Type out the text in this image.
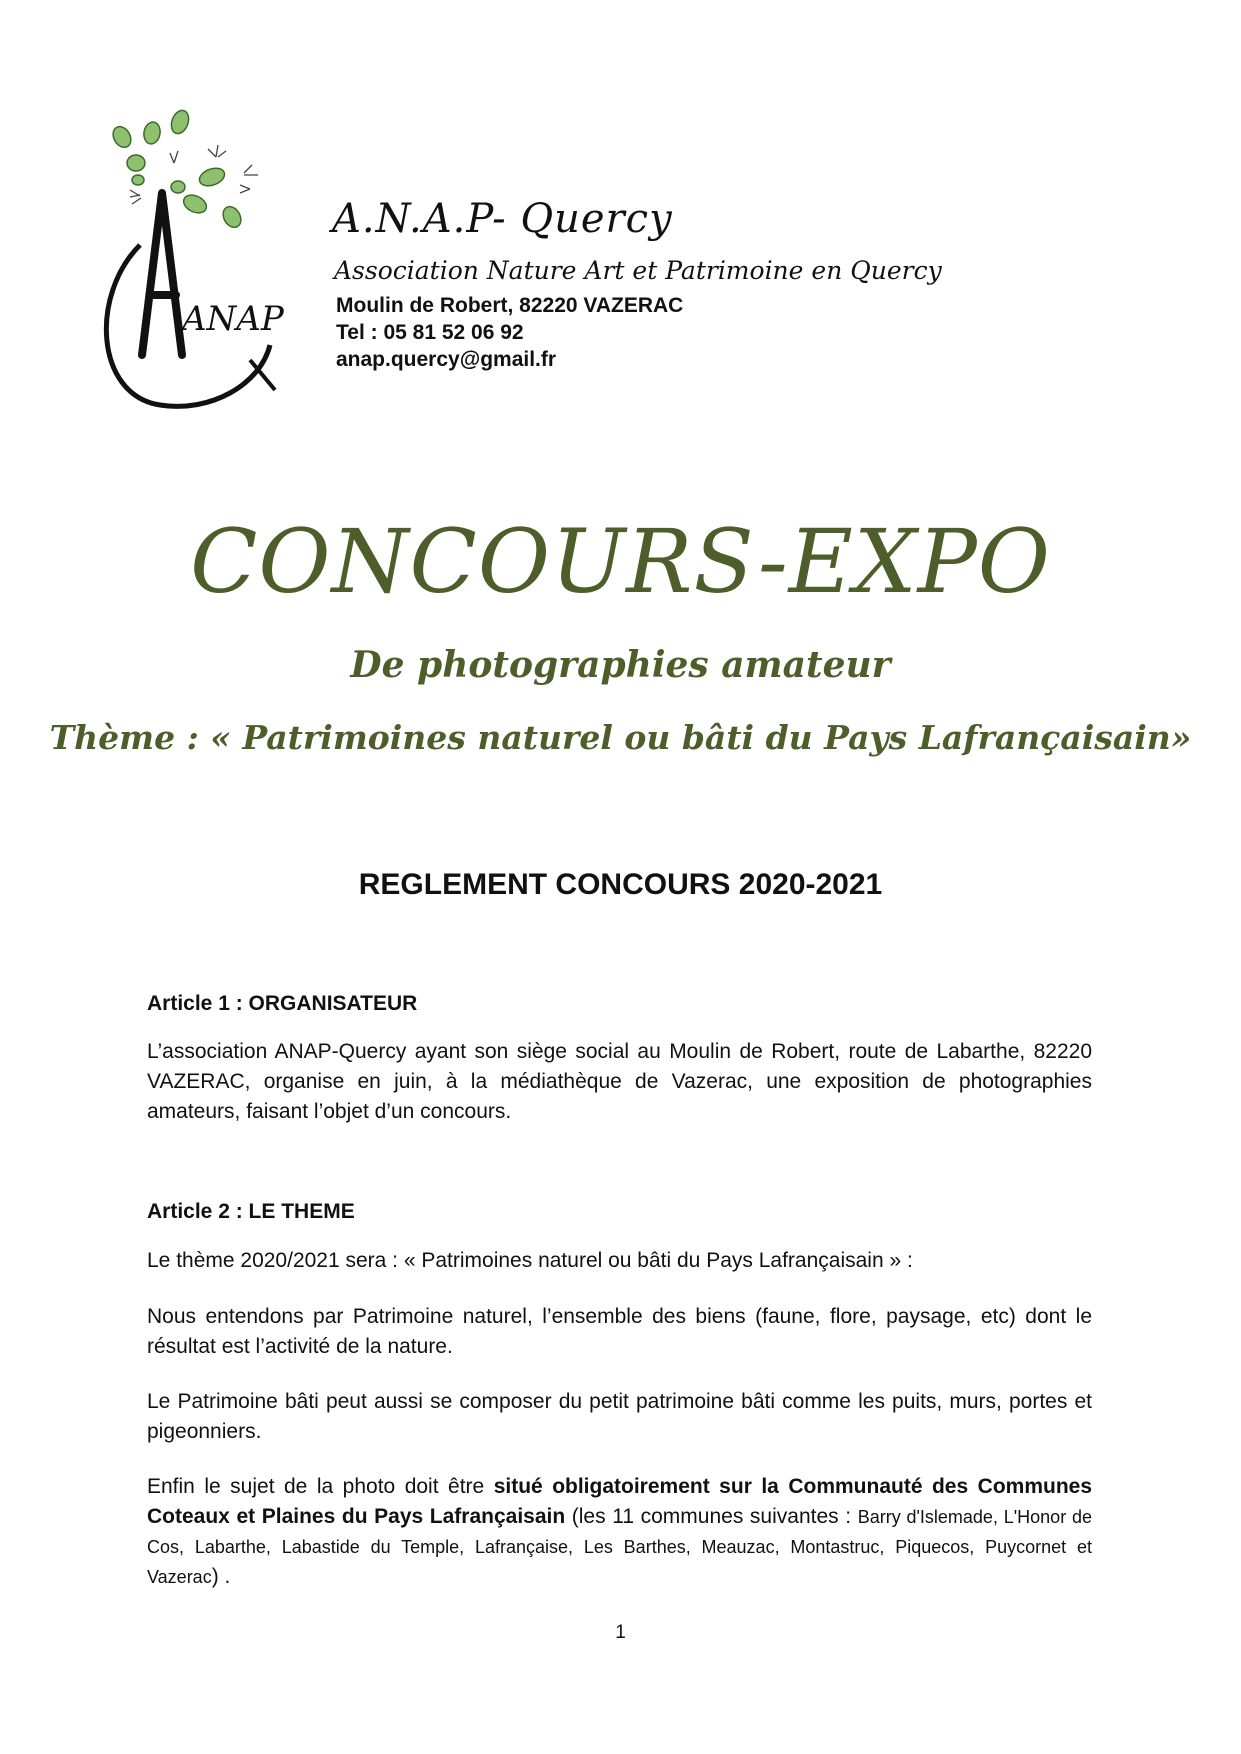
ANAP
A.N.A.P- Quercy
Association Nature Art et Patrimoine en Quercy
Moulin de Robert, 82220 VAZERAC
Tel : 05 81 52 06 92
anap.quercy@gmail.fr
CONCOURS-EXPO
De photographies amateur
Thème : « Patrimoines naturel ou bâti du Pays Lafrançaisain»
REGLEMENT CONCOURS 2020-2021
Article 1 : ORGANISATEUR
L’association ANAP-Quercy ayant son siège social au Moulin de Robert, route de Labarthe, 82220 VAZERAC, organise en juin, à la médiathèque de Vazerac, une exposition de photographies amateurs, faisant l’objet d’un concours.
Article 2 : LE THEME
Le thème 2020/2021 sera : « Patrimoines naturel ou bâti du Pays Lafrançaisain » :
Nous entendons par Patrimoine naturel, l’ensemble des biens (faune, flore, paysage, etc) dont le résultat est l’activité de la nature.
Le Patrimoine bâti peut aussi se composer du petit patrimoine bâti comme les puits, murs, portes et pigeonniers.
Enfin le sujet de la photo doit être situé obligatoirement sur la Communauté des Communes Coteaux et Plaines du Pays Lafrançaisain (les 11 communes suivantes : Barry d'Islemade, L'Honor de Cos, Labarthe, Labastide du Temple, Lafrançaise, Les Barthes, Meauzac, Montastruc, Piquecos, Puycornet et Vazerac) .
1
